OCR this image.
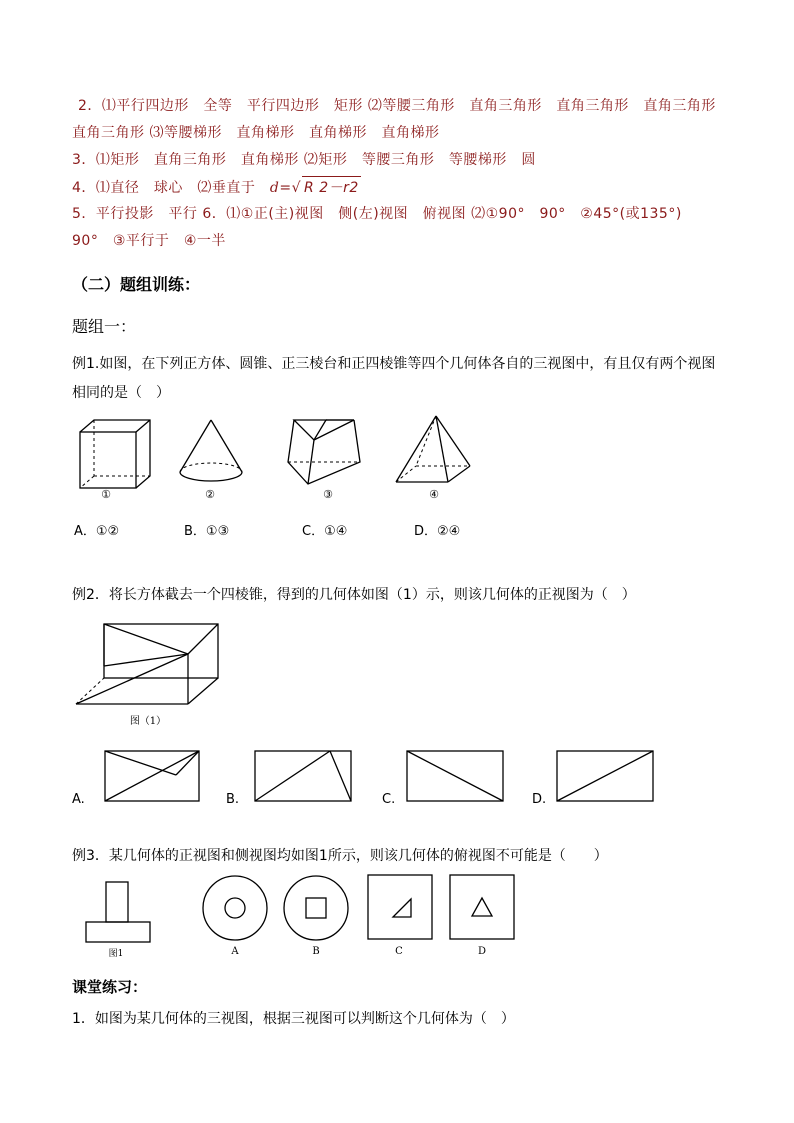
2．⑴平行四边形　全等　平行四边形　矩形 ⑵等腰三角形　直角三角形　直角三角形　直角三角形
直角三角形 ⑶等腰梯形　直角梯形　直角梯形　直角梯形
3．⑴矩形　直角三角形　直角梯形 ⑵矩形　等腰三角形　等腰梯形　圆
4．⑴直径　球心　⑵垂直于　d=√ R 2－r2
5．平行投影　平行 6．⑴①正(主)视图　侧(左)视图　俯视图 ⑵①90°　90°　②45°(或135°)
90°　③平行于　④一半
（二）题组训练：
题组一：
例1.如图，在下列正方体、圆锥、正三棱台和正四棱锥等四个几何体各自的三视图中，有且仅有两个视图
相同的是（　）
①	②	③	④
A．①②	B．①③	C．①④	D．②④
例2．将长方体截去一个四棱锥，得到的几何体如图（1）示，则该几何体的正视图为（　）
图（1）
A.	B.	C.	D.
例3．某几何体的正视图和侧视图均如图1所示，则该几何体的俯视图不可能是（　　）
图1	A	B	C	D
课堂练习：
1．如图为某几何体的三视图，根据三视图可以判断这个几何体为（　）
